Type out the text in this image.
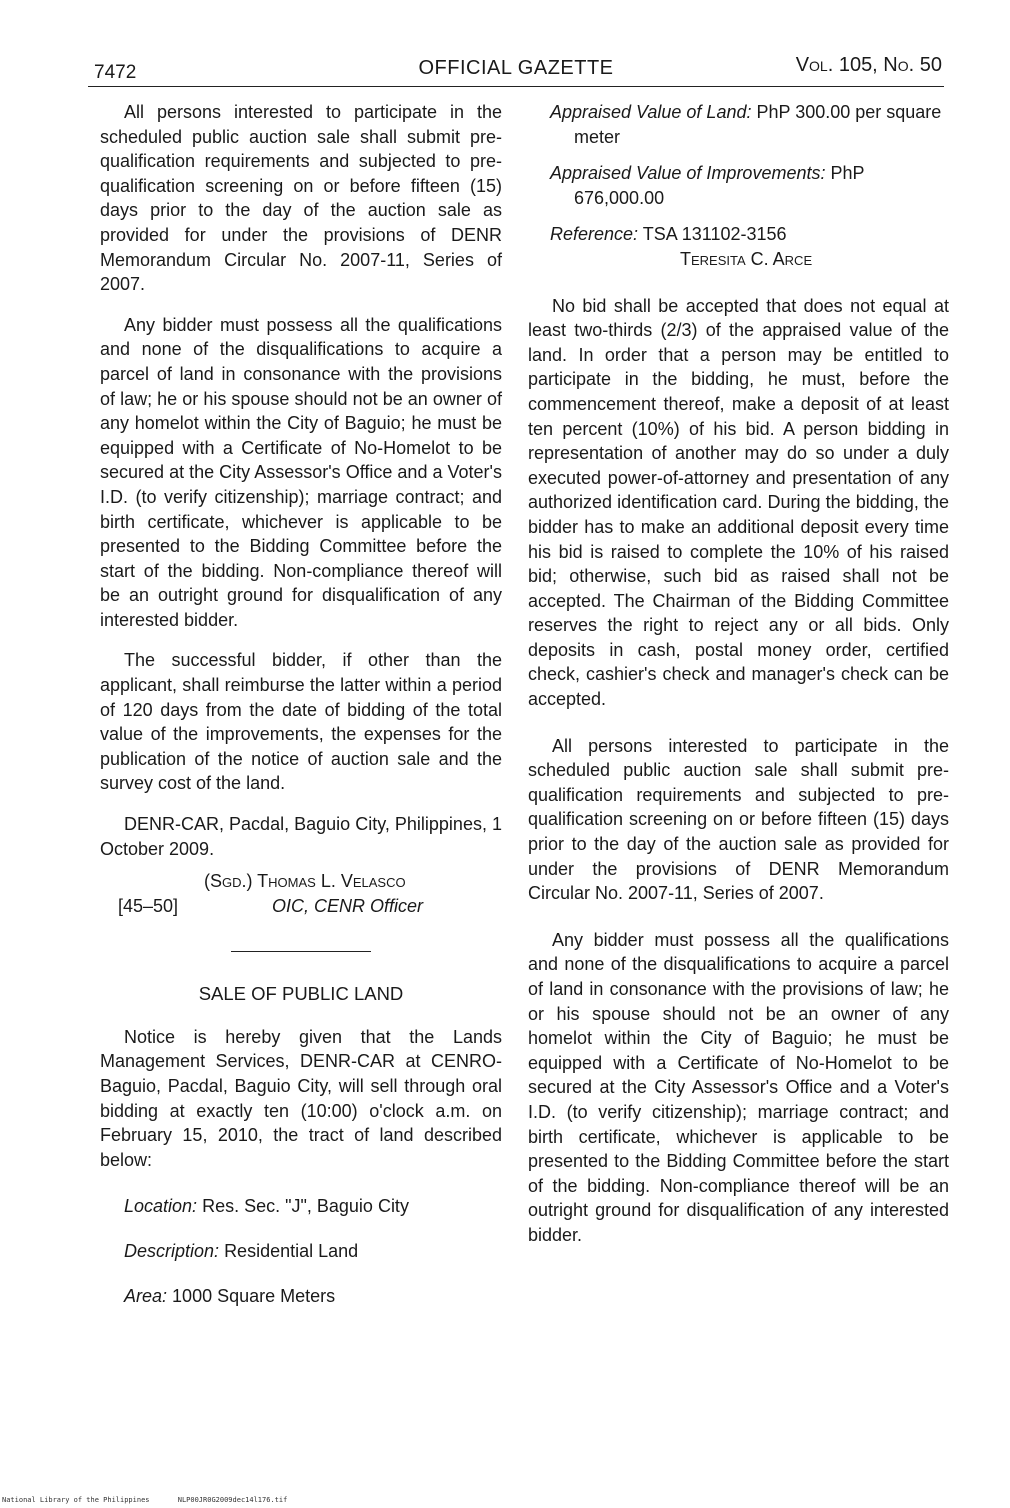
7472	OFFICIAL GAZETTE	Vol. 105, No. 50

All persons interested to participate in the scheduled public auction sale shall submit pre-qualification requirements and subjected to pre-qualification screening on or before fifteen (15) days prior to the day of the auction sale as provided for under the provisions of DENR Memorandum Circular No. 2007-11, Series of 2007.

Any bidder must possess all the qualifications and none of the disqualifications to acquire a parcel of land in consonance with the provisions of law; he or his spouse should not be an owner of any homelot within the City of Baguio; he must be equipped with a Certificate of No-Homelot to be secured at the City Assessor's Office and a Voter's I.D. (to verify citizenship); marriage contract; and birth certificate, whichever is applicable to be presented to the Bidding Committee before the start of the bidding. Non-compliance thereof will be an outright ground for disqualification of any interested bidder.

The successful bidder, if other than the applicant, shall reimburse the latter within a period of 120 days from the date of bidding of the total value of the improvements, the expenses for the publication of the notice of auction sale and the survey cost of the land.

DENR-CAR, Pacdal, Baguio City, Philippines, 1 October 2009.

(Sgd.) Thomas L. Velasco
[45–50]	OIC, CENR Officer
SALE OF PUBLIC LAND

Notice is hereby given that the Lands Management Services, DENR-CAR at CENRO-Baguio, Pacdal, Baguio City, will sell through oral bidding at exactly ten (10:00) o'clock a.m. on February 15, 2010, the tract of land described below:

Location: Res. Sec. "J", Baguio City
Description: Residential Land
Area: 1000 Square Meters
Appraised Value of Land: PhP 300.00 per square meter
Appraised Value of Improvements: PhP 676,000.00
Reference: TSA 131102-3156
Teresita C. Arce

No bid shall be accepted that does not equal at least two-thirds (2/3) of the appraised value of the land. In order that a person may be entitled to participate in the bidding, he must, before the commencement thereof, make a deposit of at least ten percent (10%) of his bid. A person bidding in representation of another may do so under a duly executed power-of-attorney and presentation of any authorized identification card. During the bidding, the bidder has to make an additional deposit every time his bid is raised to complete the 10% of his raised bid; otherwise, such bid as raised shall not be accepted. The Chairman of the Bidding Committee reserves the right to reject any or all bids. Only deposits in cash, postal money order, certified check, cashier's check and manager's check can be accepted.

All persons interested to participate in the scheduled public auction sale shall submit pre-qualification requirements and subjected to pre-qualification screening on or before fifteen (15) days prior to the day of the auction sale as provided for under the provisions of DENR Memorandum Circular No. 2007-11, Series of 2007.

Any bidder must possess all the qualifications and none of the disqualifications to acquire a parcel of land in consonance with the provisions of law; he or his spouse should not be an owner of any homelot within the City of Baguio; he must be equipped with a Certificate of No-Homelot to be secured at the City Assessor's Office and a Voter's I.D. (to verify citizenship); marriage contract; and birth certificate, whichever is applicable to be presented to the Bidding Committee before the start of the bidding. Non-compliance thereof will be an outright ground for disqualification of any interested bidder.

National Library of the Philippines	NLP00JR0G2009dec14l176.tif
